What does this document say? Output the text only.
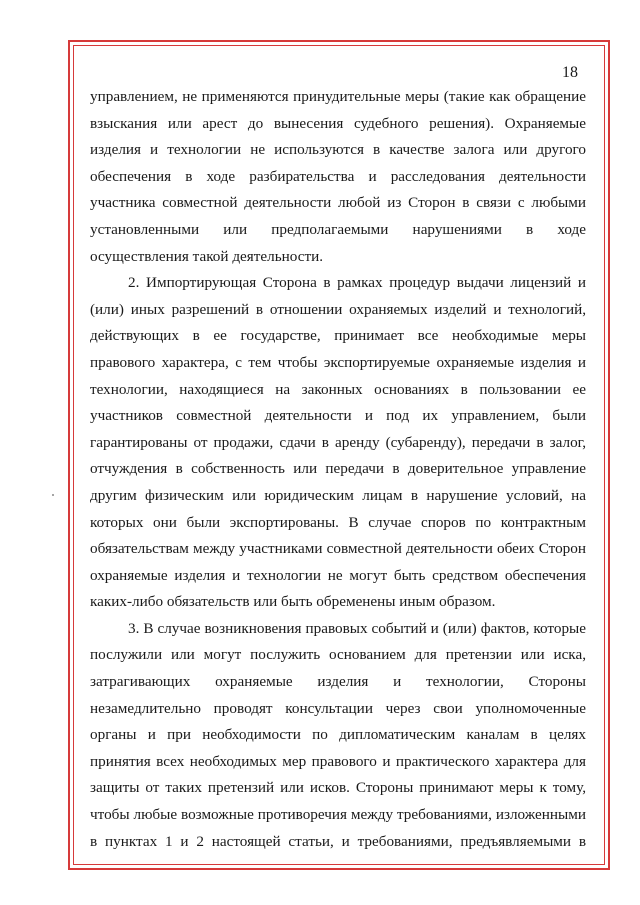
18
управлением, не применяются принудительные меры (такие как обращение
взыскания или арест до вынесения судебного решения). Охраняемые
изделия и технологии не используются в качестве залога или другого
обеспечения в ходе разбирательства и расследования деятельности
участника совместной деятельности любой из Сторон в связи с любыми
установленными или предполагаемыми нарушениями в ходе
осуществления такой деятельности.
2. Импортирующая Сторона в рамках процедур выдачи лицензий и
(или) иных разрешений в отношении охраняемых изделий и технологий,
действующих в ее государстве, принимает все необходимые меры
правового характера, с тем чтобы экспортируемые охраняемые изделия и
технологии, находящиеся на законных основаниях в пользовании ее
участников совместной деятельности и под их управлением, были
гарантированы от продажи, сдачи в аренду (субаренду), передачи в залог,
отчуждения в собственность или передачи в доверительное управление
другим физическим или юридическим лицам в нарушение условий, на
которых они были экспортированы. В случае споров по контрактным
обязательствам между участниками совместной деятельности обеих Сторон
охраняемые изделия и технологии не могут быть средством обеспечения
каких-либо обязательств или быть обременены иным образом.
3. В случае возникновения правовых событий и (или) фактов, которые
послужили или могут послужить основанием для претензии или иска,
затрагивающих охраняемые изделия и технологии, Стороны
незамедлительно проводят консультации через свои уполномоченные
органы и при необходимости по дипломатическим каналам в целях
принятия всех необходимых мер правового и практического характера для
защиты от таких претензий или исков. Стороны принимают меры к тому,
чтобы любые возможные противоречия между требованиями, изложенными
в пунктах 1 и 2 настоящей статьи, и требованиями, предъявляемыми в
